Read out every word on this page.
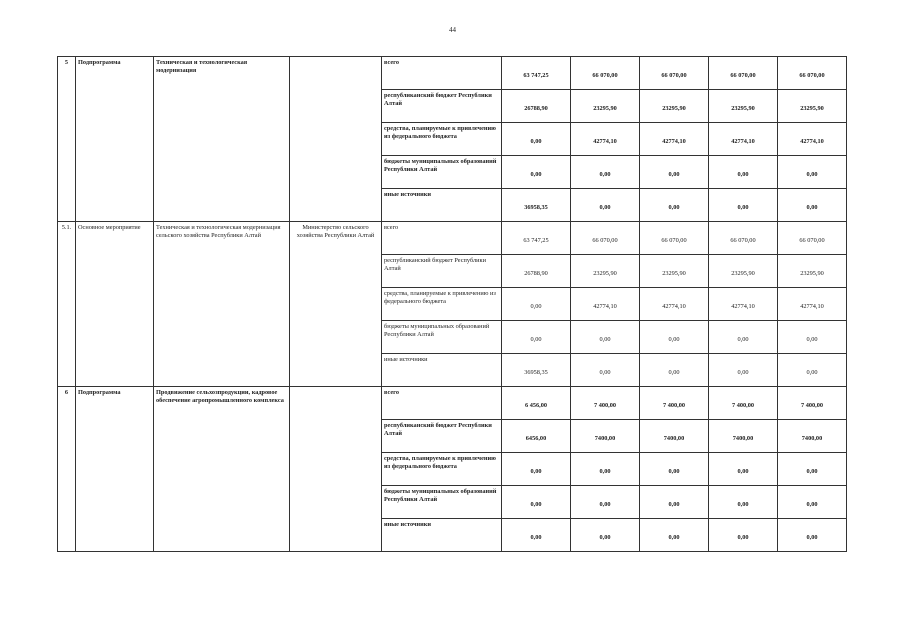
44
5	Подпрограмма	Техническая и технологическая модернизация		всего	63 747,25	66 070,00	66 070,00	66 070,00	66 070,00
				республиканский бюджет Республики Алтай	26788,90	23295,90	23295,90	23295,90	23295,90
				средства, планируемые к привлечению из федерального бюджета	0,00	42774,10	42774,10	42774,10	42774,10
				бюджеты муниципальных образований Республики Алтай	0,00	0,00	0,00	0,00	0,00
				иные источники	36958,35	0,00	0,00	0,00	0,00
5.1.	Основное мероприятие	Техническая и технологическая модернизация сельского хозяйства Республики Алтай	Министерство сельского хозяйства Республики Алтай	всего	63 747,25	66 070,00	66 070,00	66 070,00	66 070,00
				республиканский бюджет Республики Алтай	26788,90	23295,90	23295,90	23295,90	23295,90
				средства, планируемые к привлечению из федерального бюджета	0,00	42774,10	42774,10	42774,10	42774,10
				бюджеты муниципальных образований Республики Алтай	0,00	0,00	0,00	0,00	0,00
				иные источники	36958,35	0,00	0,00	0,00	0,00
6	Подпрограмма	Продвижение сельхозпродукции, кадровое обеспечение агропромышленного комплекса		всего	6 456,00	7 400,00	7 400,00	7 400,00	7 400,00
				республиканский бюджет Республики Алтай	6456,00	7400,00	7400,00	7400,00	7400,00
				средства, планируемые к привлечению из федерального бюджета	0,00	0,00	0,00	0,00	0,00
				бюджеты муниципальных образований Республики Алтай	0,00	0,00	0,00	0,00	0,00
				иные источники	0,00	0,00	0,00	0,00	0,00
